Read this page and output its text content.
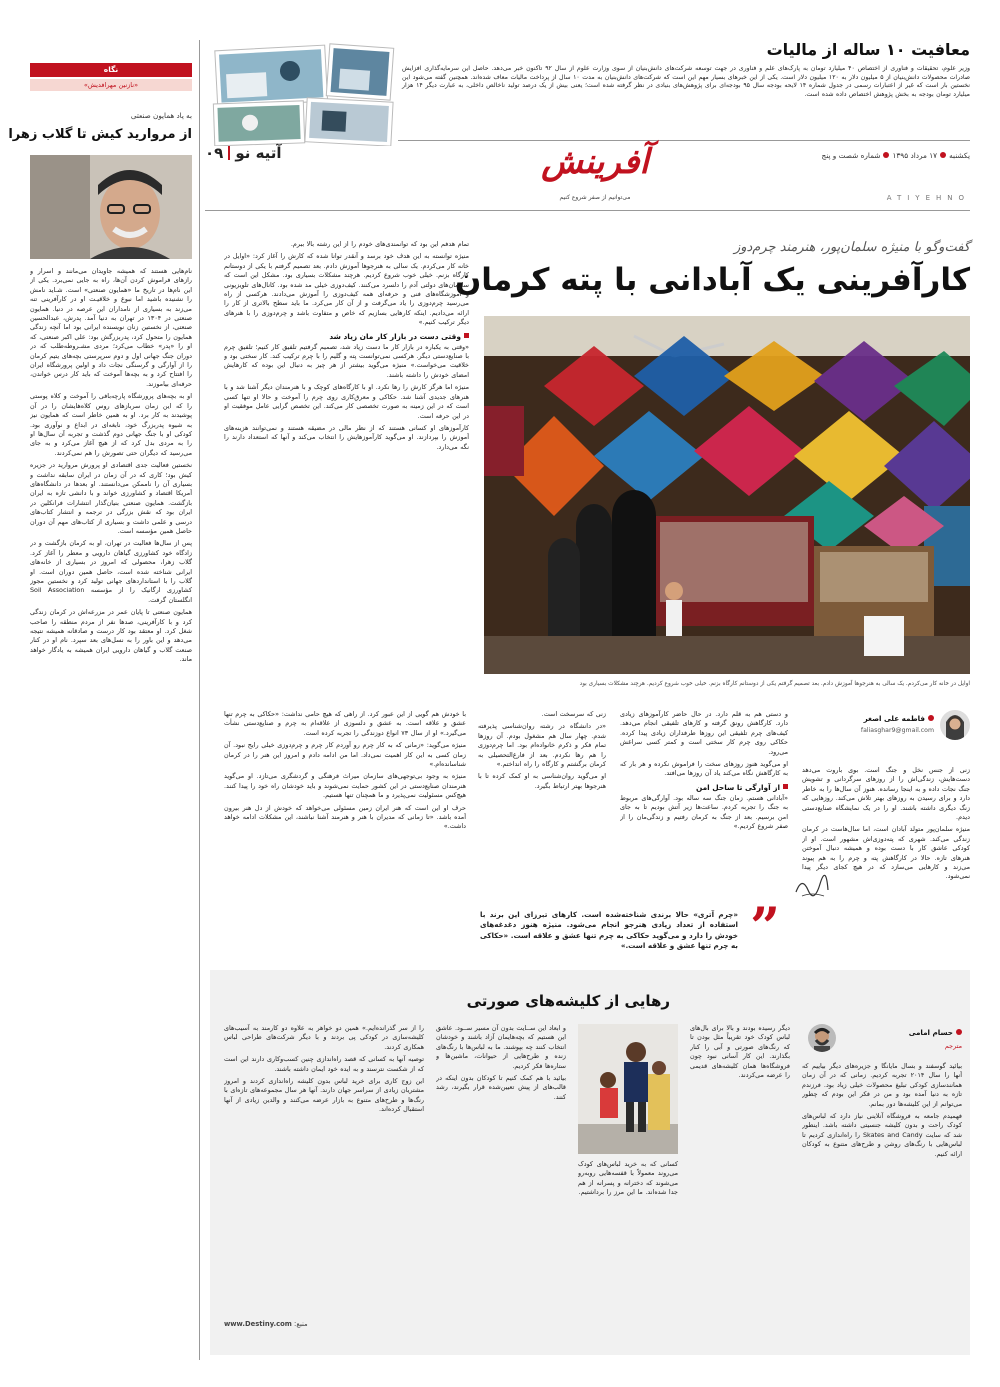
نگاه
«نازنین مهرافدیش»
به یاد همایون صنعتی
از مروارید کیش تا گلاب زهرا

نام‌هایی هستند که همیشه جاویدان می‌مانند و اسرار و رازهای فراموش کردن آن‌ها، راه به جایی نمی‌برد. یکی از این نام‌ها در تاریخ ما «همایون صنعتی» است. شـاید نامش را نشنیده باشید اما نبوغ و خلاقیـت او در کارآفرینی تنه می‌زند به بسیاری از نامداران این عرصه در دنیا. همایون صنعتی در ۱۳۰۴ در تهران به دنیا آمد. پدرش، عبدالحسین صنعتی، از نخستین زنان نویسنده ایرانی بود اما آنچه زندگی همایون را متحول کرد، پدربزرگش بود: علی اکبر صنعتی، که او را «پدر» خطاب می‌کرد؛ مردی مشـروطه‌طلب که در دوران جنگ جهانی اول و دوم سرپرستی بچه‌های یتیم کرمان را از آوارگی و گرسنگی نجات داد و اولین پرورشگاه ایران را افتتاح کرد و به بچه‌ها آموخت که باید کار درس خواندن، حرفه‌ای بیاموزند.

او به بچه‌های پرورشگاه پارچه‌بافی را آموخت و کلاه پوستی را که این زمان سربازهای روس کلاه‌هایشان را در آن پوشیدند به کار برد. او به همین خاطر است که همایون نیز به شیوه پدربزرگ خود، نابغه‌ای در ابداع و نوآوری بود. کودکی او با جنگ جهانی دوم گذشت و تجربه آن سال‌ها او را به مردی بدل کرد که از هیچ آغاز می‌کرد و به جای می‌رسید که دیگران حتی تصورش را هم نمی‌کردند.

نخستین فعالیت جدی اقتصادی او پرورش مروارید در جزیره کیش بود؛ کاری که در آن زمان در ایران سابقه نداشت و بسیاری آن را ناممکن می‌دانستند. او بعدها در دانشگاه‌های آمریکا اقتصاد و کشاورزی خواند و با دانشی تازه به ایران بازگشت. همایون صنعتی بنیان‌گذار انتشارات فرانکلین در ایران بود که نقش بزرگی در ترجمه و انتشار کتاب‌های درسی و علمی داشت و بسیاری از کتاب‌های مهم آن دوران حاصل همین مؤسسه است.

پس از سال‌ها فعالیت در تهران، او به کرمان بازگشت و در زادگاه خود کشاورزی گیاهان دارویی و معطر را آغاز کرد. گلاب زهرا، محصولی که امروز در بسیاری از خانه‌های ایرانی شناخته شده است، حاصل همین دوران است. او گلاب را با استانداردهای جهانی تولید کرد و نخستین مجوز کشاورزی ارگانیک را از مؤسسه Soil Association انگلستان گرفت.

همایون صنعتی تا پایان عمر در مزرعه‌اش در کرمان زندگی کرد و با کارآفرینی، صدها نفر از مردم منطقه را صاحب شغل کرد. او معتقد بود کار درست و صادقانه همیشه نتیجه می‌دهد و این باور را به نسل‌های بعد سپرد. نام او در کنار صنعت گلاب و گیاهان دارویی ایران همیشه به یادگار خواهد ماند.

معافیت ۱۰ ساله از مالیات

وزیر علوم، تحقیقات و فناوری از اختصاص ۴۰ میلیارد تومان به پارک‌های علم و فناوری در جهت توسعه شرکت‌های دانش‌بنیان از سوی وزارت علوم از سال ۹۲ تاکنون خبر می‌دهد. حاصل این سرمایه‌گذاری افزایش صادرات محصولات دانش‌بنیان از ۵ میلیون دلار به ۱۲۰ میلیون دلار است. یکی از این خبرهای بسیار مهم این است که شرکت‌های دانش‌بنیان به مدت ۱۰ سال از پرداخت مالیات معاف شده‌اند. همچنین گفته می‌شود این نخستین بار است که غیر از اعتبارات رسمی در جدول شماره ۱۴ لایحه بودجه سال ۹۵ بودجه‌ای برای پژوهش‌های بنیادی در نظر گرفته شده است؛ یعنی بیش از یک درصد تولید ناخالص داخلی، به عبارت دیگر ۱۴ هزار میلیارد تومان بودجه به بخش پژوهش اختصاص داده شده است.

یکشنبه۱۷ مرداد ۱۳۹۵شماره شصت و پنج
آفرینش
می‌توانیم از صفر شروع کنیم
آتیه نو۰۹
ATIYEHNO
گفت‌وگو با منیژه سلمان‌پور، هنرمند چرم‌دوز
کارآفرینی یک آبادانی با پته کرمان

تمام هدفم این بود که توانمندی‌های خودم را از این رشته بالا ببرم.

منیژه توانسته به این هدف خود برسد و آنقدر توانا شده که کارش را آغاز کرد: «اوایل در خانه کار می‌کردم. یک سالی به هنرجوها آموزش دادم. بعد تصمیم گرفتم با یکی از دوستانم کارگاه بزنم. خیلی خوب شروع کردیم. هرچند مشکلات بسیاری بود. مشکل این است که سازمان‌های دولتی آدم را دلسرد می‌کنند. کیف‌دوزی خیلی مد شده بود. کانال‌های تلویزیونی و آموزشگاه‌های فنی و حرفه‌ای همه کیف‌دوزی را آموزش می‌دادند. هرکسی از راه می‌رسید چرم‌دوزی را یاد می‌گرفت و از آن کار می‌کرد. ما باید سطح بالاتری از کار را ارائه می‌دادیم. اینکه کارهایی بسازیم که خاص و متفاوت باشد و چرم‌دوزی را با هنرهای دیگر ترکیب کنیم.»

وقتی دست در بازار کار مان زیاد شد

«وقتی به یکباره در بازار کار ما دست زیاد شد، تصمیم گرفتیم تلفیق کار کنیم؛ تلفیق چرم با صنایع‌دستی دیگر. هرکسی نمی‌توانست پته و گلیم را با چرم ترکیب کند. کار سختی بود و خلاقیت می‌خواست.» منیژه می‌گوید بیشتر از هر چیز به دنبال این بوده که کارهایش امضای خودش را داشته باشند.

منیژه اما هرگز کارش را رها نکرد. او با کارگاه‌های کوچک و با هنرمندان دیگر آشنا شد و با هنرهای جدیدی آشنا شد. حکاکی و معرق‌کاری روی چرم را آموخت و حالا او تنها کسی است که در این زمینه به صورت تخصصی کار می‌کند. این تخصص گرایی عامل موفقیت او در این حرفه است.

کارآموزهای او کسانی هستند که از نظر مالی در مضیقه هستند و نمی‌توانند هزینه‌های آموزش را بپردازند. او می‌گوید کارآموزهایش را انتخاب می‌کند و آنها که استعداد دارند را نگه می‌دارد.

اوایل در خانه کار می‌کردم. یک سالی به هنرجوها آموزش دادم. بعد تصمیم گرفتم یکی از دوستانم کارگاه بزنم. خیلی خوب شروع کردیم. هرچند مشکلات بسیاری بود
فاطمه علی اصغر
faliasghar9@gmail.com

زنی از جنس نخل و جنگ است. بوی باروت می‌دهد دست‌هایش، زندگی‌اش را از روزهای سرگردانی و تشویش جنگ نجات داده و به اینجا رسانده. هنوز آن سال‌ها را به خاطر دارد و برای رسیدن به روزهای بهتر تلاش می‌کند. روزهایی که زنگ دیگری داشته باشند. او را در یک نمایشگاه صنایع‌دستی دیدم.

منیژه سلمان‌پور متولد آبادان است، اما سال‌هاست در کرمان زندگی می‌کند. شهری که پته‌دوزی‌اش مشهور است. او از کودکی عاشق کار با دست بوده و همیشه دنبال آموختن هنرهای تازه. حالا در کارگاهش پته و چرم را به هم پیوند می‌زند و کارهایی می‌سازد که در هیچ کجای دیگر پیدا نمی‌شود.

و دستی هم به قلم دارد. در حال حاضر کارآموزهای زیادی دارد. کارگاهش رونق گرفته و کارهای تلفیقی انجام می‌دهد. کیف‌های چرم تلفیقی این روزها طرفداران زیادی پیدا کرده. حکاکی روی چرم کار سختی است و کمتر کسی سراغش می‌رود.

او می‌گوید هنوز روزهای سخت را فراموش نکرده و هر بار که به کارگاهش نگاه می‌کند یاد آن روزها می‌افتد.

از آوارگی تا ساحل امن

«آبادانی هستم. زمان جنگ سه ساله بود. آوارگی‌های مربوط به جنگ را تجربه کردم. ساعت‌ها زیر آتش بودیم تا به جای امن برسیم. بعد از جنگ به کرمان رفتیم و زندگی‌مان را از صفر شروع کردیم.»

زنی که سرسخت است.

«در دانشگاه در رشته روان‌شناسی پذیرفته شدم. چهار سال هم مشغول بودم. آن روزها تمام فکر و ذکرم خانواده‌ام بود. اما چرم‌دوزی را هم رها نکردم. بعد از فارغ‌التحصیلی به کرمان برگشتم و کارگاه را راه انداختم.»

او می‌گوید روان‌شناسی به او کمک کرده تا با هنرجوها بهتر ارتباط بگیرد.

با خودش هم گویی از این عبور کرد. از راهی که هیچ حامی نداشت: «حکاکی به چرم تنها عشق و علاقه است. به عشق و دلسوزی از علاقه‌ام به چرم و صنایع‌دستی نشأت می‌گیرد.» او از سال ۷۳ انواع دوزندگی را تجربه کرده است.

منیژه می‌گوید: «زمانی که به کار چرم رو آوردم کار چرم و چرم‌دوزی خیلی رایج نبود. آن زمان کسی به این کار اهمیت نمی‌داد. اما من ادامه دادم و امروز این هنر را در کرمان شناسانده‌ام.»

منیژه به وجود بی‌توجهی‌های سازمان میراث فرهنگی و گردشگری می‌تازد. او می‌گوید هنرمندان صنایع‌دستی در این کشور حمایت نمی‌شوند و باید خودشان راه خود را پیدا کنند. هیچ‌کس مسئولیت نمی‌پذیرد و ما همچنان تنها هستیم.

حرف او این است که هنر ایران زمین مسئولی می‌خواهد که خودش از دل هنر بیرون آمده باشد. «تا زمانی که مدیران با هنر و هنرمند آشنا نباشند، این مشکلات ادامه خواهد داشت.»

”
«چرم آتری» حالا برندی شناخته‌شده است. کارهای تبرزای این برند با استفاده از تعداد زیادی هنرجو انجام می‌شود. منیژه هنوز دغدغه‌های خودش را دارد و می‌گوید حکاکی به چرم تنها عشق و علاقه است. «حکاکی به چرم تنها عشق و علاقه است.»
رهایی از کلیشه‌های صورتی
حسام امامی
مترجم

بیائید گوسفند و بسال مایانگا و جزیره‌های دیگر بیاییم که آنها را سال ۲۰۱۴ تجربه کردیم. زمانی که در آن زمان همانندسازی کودکی تبلیغ محصولات خیلی زیاد بود. فرزندم تازه به دنیا آمده بود و من در فکر این بودم که چطور می‌توانم از این کلیشه‌ها دور بمانم.

فهمیدم جامعه به فروشگاه آنلاینی نیاز دارد که لباس‌های کودک راحت و بدون کلیشه جنسیتی داشته باشد. اینطور شد که سایت Skates and Candy را راه‌اندازی کردیم تا لباس‌هایی با رنگ‌های روشن و طرح‌های متنوع به کودکان ارائه کنیم.

دیگر رسیده بودند و بالا برای بال‌های لباس کودک خود تقریباً مثل بودن تا که رنگ‌های صورتی و آبی را کنار بگذارند. این کار آسانی نبود چون فروشگاه‌ها همان کلیشه‌های قدیمی را عرضه می‌کردند.

کسانی که به خرید لباس‌های کودک می‌روند معمولاً با قفسه‌هایی روبه‌رو می‌شوند که دخترانه و پسرانه از هم جدا شده‌اند. ما این مرز را برداشتیم.

و ابعاد این ســایت بدون آن مسیر ســود. عاشق این هستیم که بچه‌هایمان آزاد باشند و خودشان انتخاب کنند چه بپوشند. ما به لباس‌ها با رنگ‌های زنده و طرح‌هایی از حیوانات، ماشین‌ها و ستاره‌ها فکر کردیم.

بیائید با هم کمک کنیم تا کودکان بدون اینکه در قالب‌های از پیش تعیین‌شده قرار بگیرند، رشد کنند.

را از سر گذرانده‌ایم.» همین دو خواهر به علاوه دو کارمند به آسیب‌های کلیشه‌سازی در کودکی پی بردند و با دیگر شرکت‌های طراحی لباس همکاری کردند.

توصیه آنها به کسانی که قصد راه‌اندازی چنین کسب‌وکاری دارند این است که از شکست نترسند و به ایده خود ایمان داشته باشند.

این زوج کاری برای خرید لباس بدون کلیشه راه‌اندازی کردند و امروز مشتریان زیادی از سراسر جهان دارند. آنها هر سال مجموعه‌های تازه‌ای با رنگ‌ها و طرح‌های متنوع به بازار عرضه می‌کنند و والدین زیادی از آنها استقبال کرده‌اند.

منبع: www.Destiny.com
